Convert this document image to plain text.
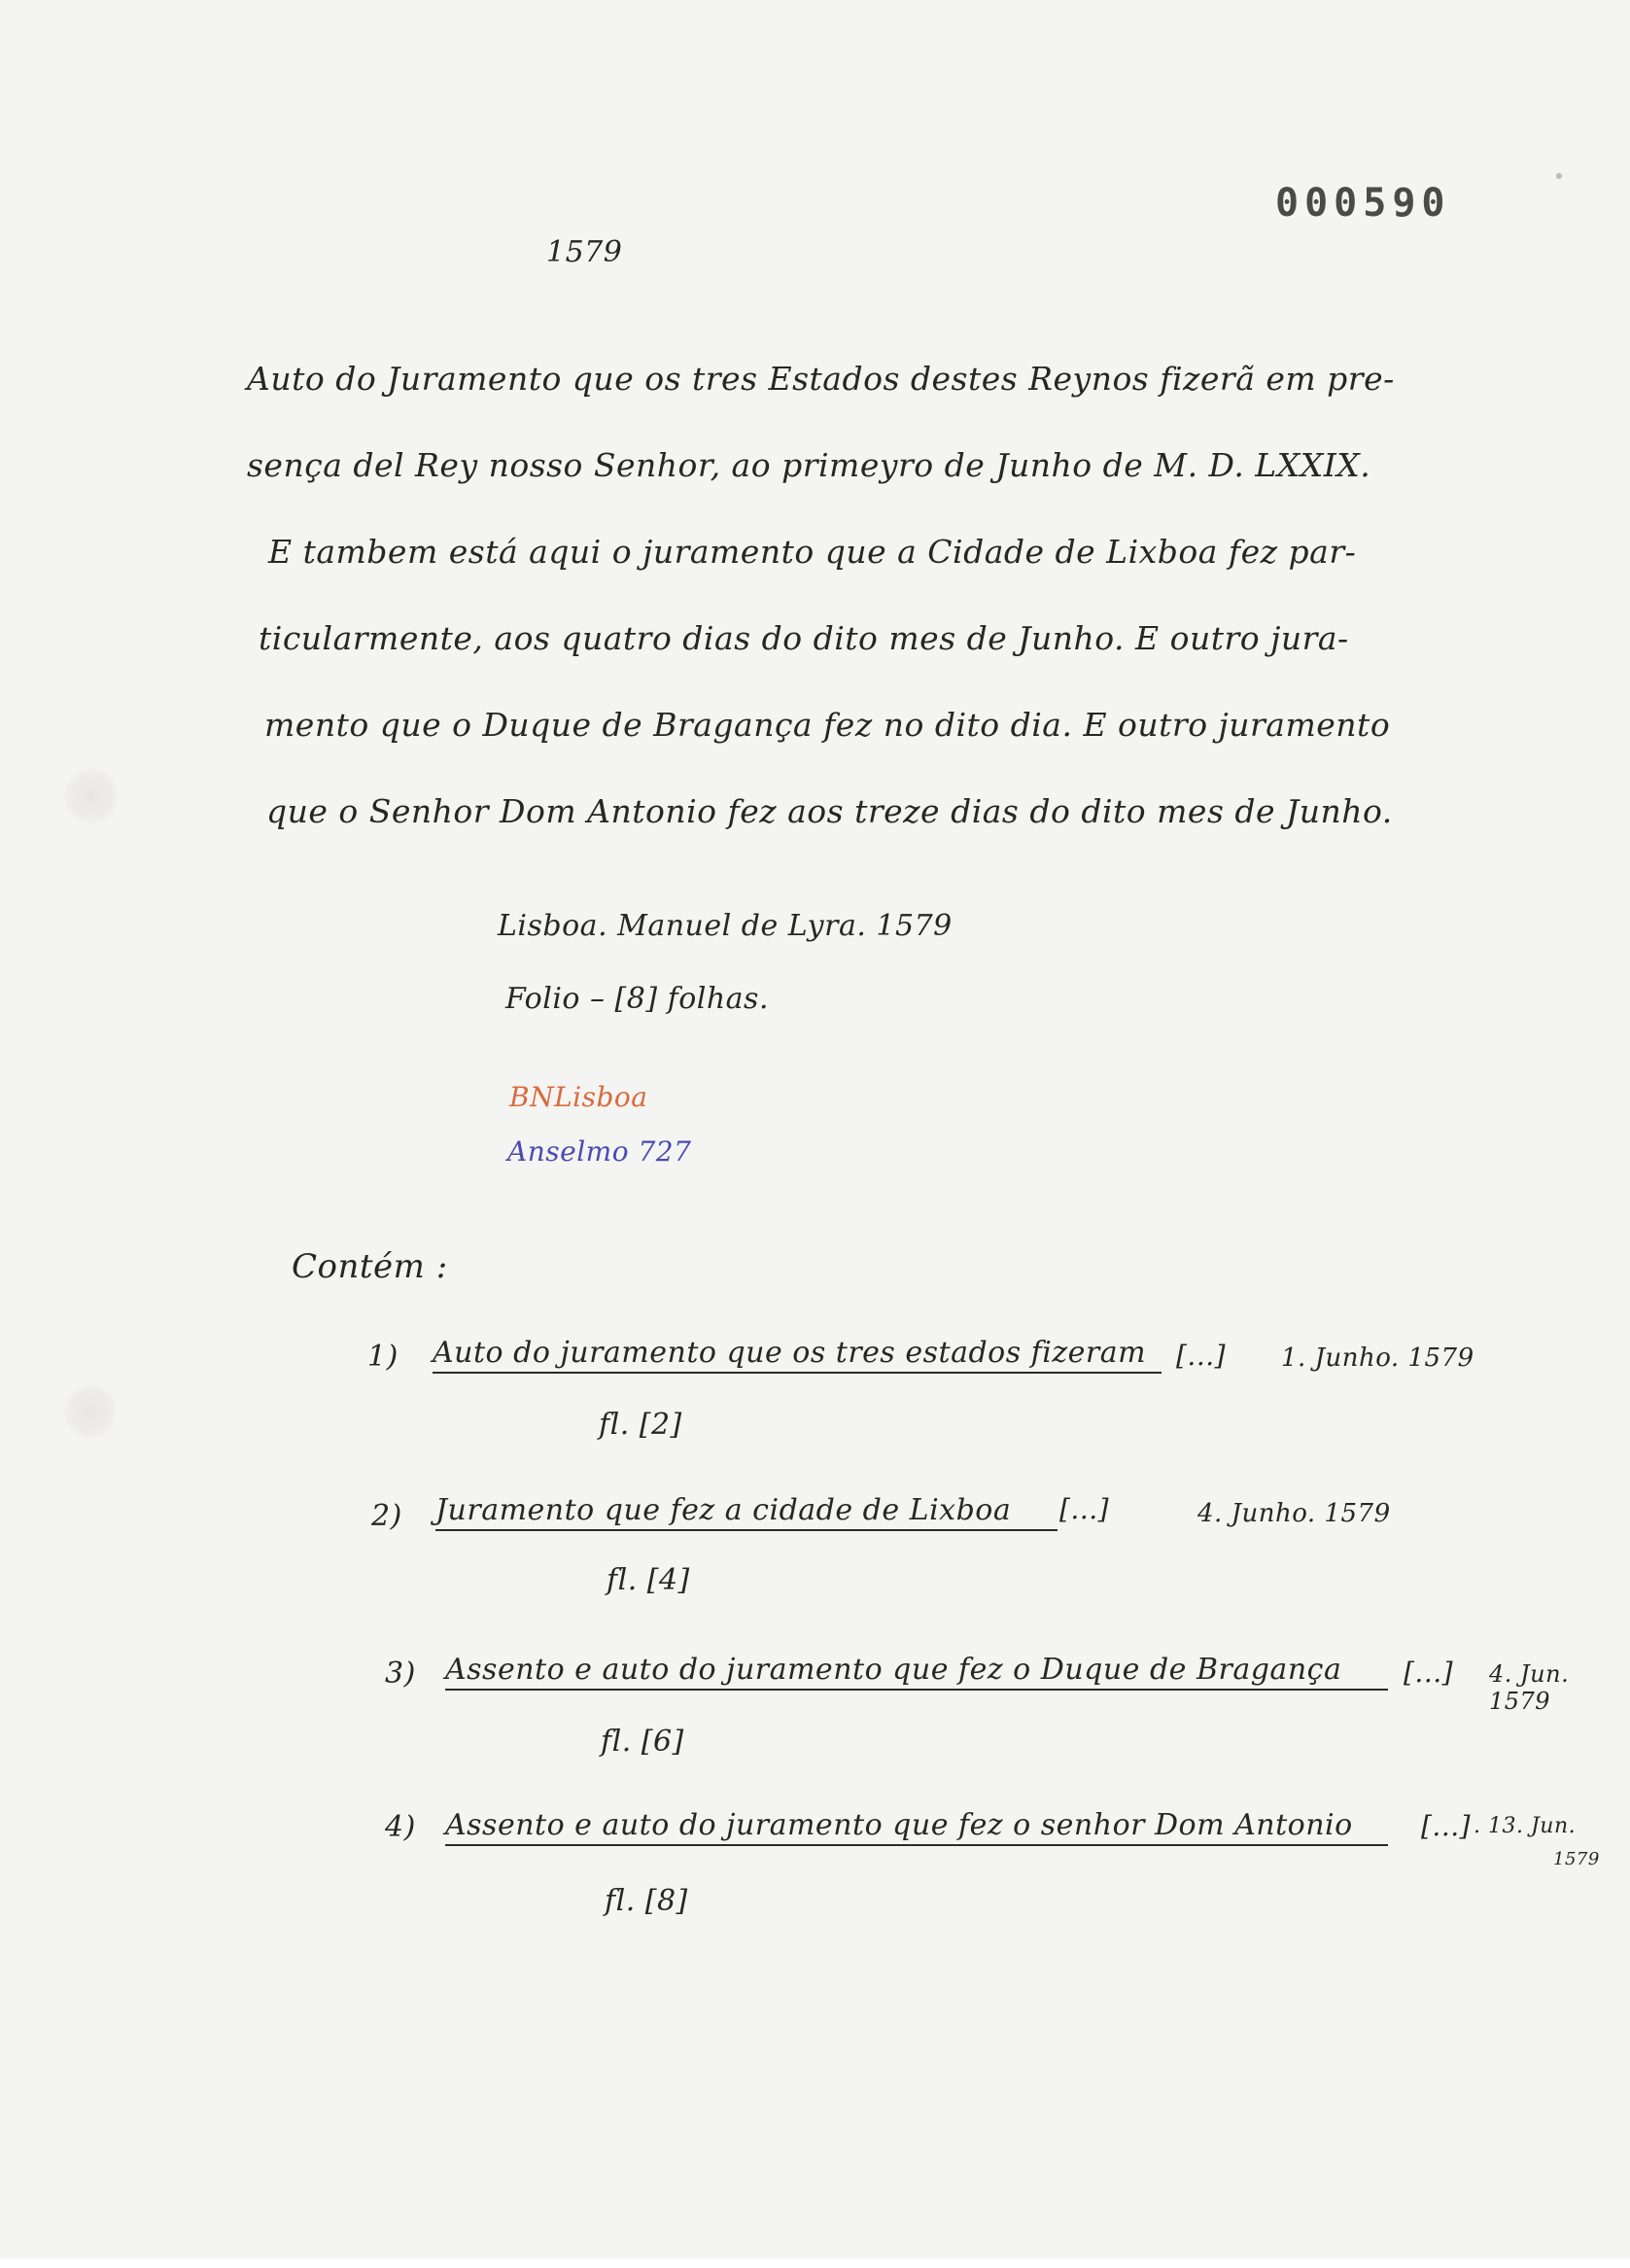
000590
1579
Auto do Juramento que os tres Estados destes Reynos fizerã em pre-
sença del Rey nosso Senhor, ao primeyro de Junho de M. D. LXXIX.
E tambem está aqui o juramento que a Cidade de Lixboa fez par-
ticularmente, aos quatro dias do dito mes de Junho. E outro jura-
mento que o Duque de Bragança fez no dito dia. E outro juramento
que o Senhor Dom Antonio fez aos treze dias do dito mes de Junho.
Lisboa. Manuel de Lyra. 1579
Folio – [8] folhas.
BNLisboa
Anselmo 727
Contém :
1) Auto do juramento que os tres estados fizeram	[...] 1. Junho. 1579
fl. [2]
2) Juramento que fez a cidade de Lixboa	[...]	4. Junho. 1579
fl. [4]
3) Assento e auto do juramento que fez o Duque de Bragança	[...] 4. Jun. 1579
fl. [6]
4) Assento e auto do juramento que fez o senhor Dom Antonio	[...] . 13. Jun.
1579
fl. [8]
